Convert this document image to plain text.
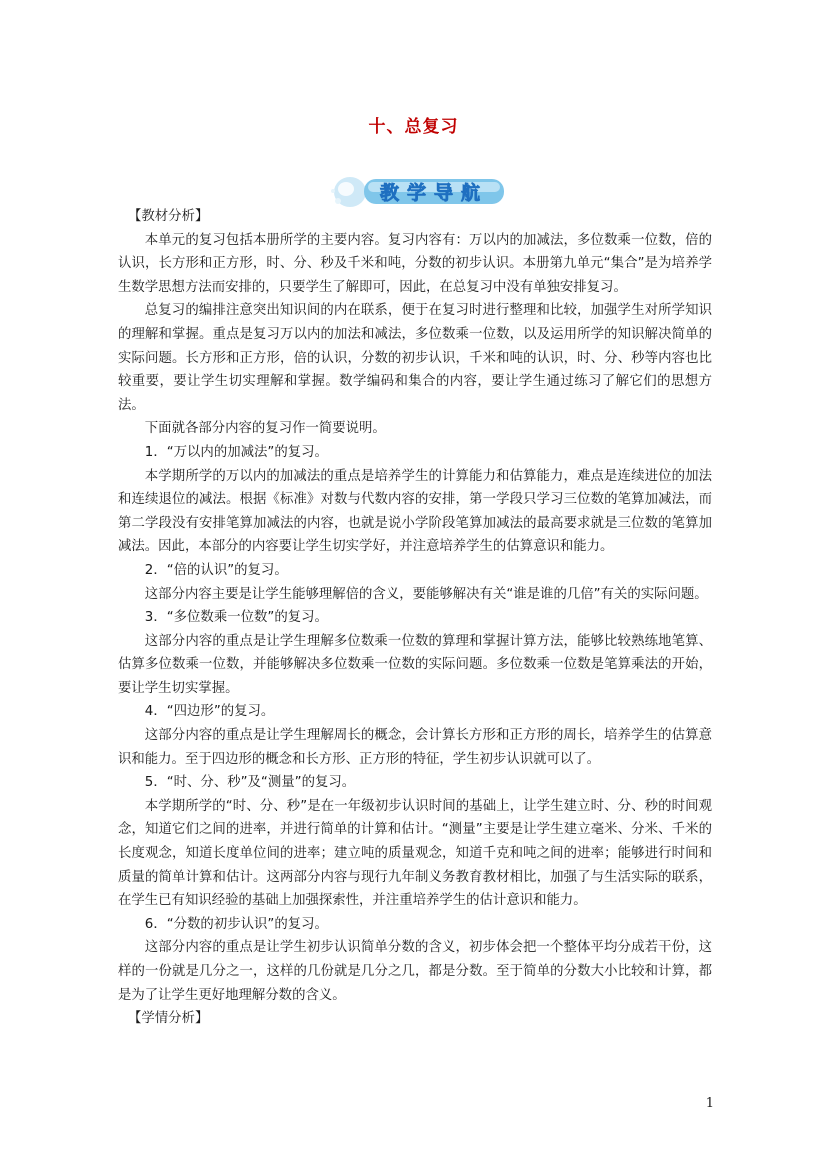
十、总复习
教 学 导 航

【教材分析】

本单元的复习包括本册所学的主要内容。复习内容有：万以内的加减法，多位数乘一位数，倍的认识，长方形和正方形，时、分、秒及千米和吨，分数的初步认识。本册第九单元“集合”是为培养学生数学思想方法而安排的，只要学生了解即可，因此，在总复习中没有单独安排复习。

总复习的编排注意突出知识间的内在联系，便于在复习时进行整理和比较，加强学生对所学知识的理解和掌握。重点是复习万以内的加法和减法，多位数乘一位数，以及运用所学的知识解决简单的实际问题。长方形和正方形，倍的认识，分数的初步认识，千米和吨的认识，时、分、秒等内容也比较重要，要让学生切实理解和掌握。数学编码和集合的内容，要让学生通过练习了解它们的思想方法。

下面就各部分内容的复习作一简要说明。

1．“万以内的加减法”的复习。

本学期所学的万以内的加减法的重点是培养学生的计算能力和估算能力，难点是连续进位的加法和连续退位的减法。根据《标准》对数与代数内容的安排，第一学段只学习三位数的笔算加减法，而第二学段没有安排笔算加减法的内容，也就是说小学阶段笔算加减法的最高要求就是三位数的笔算加减法。因此，本部分的内容要让学生切实学好，并注意培养学生的估算意识和能力。

2．“倍的认识”的复习。

这部分内容主要是让学生能够理解倍的含义，要能够解决有关“谁是谁的几倍”有关的实际问题。

3．“多位数乘一位数”的复习。

这部分内容的重点是让学生理解多位数乘一位数的算理和掌握计算方法，能够比较熟练地笔算、估算多位数乘一位数，并能够解决多位数乘一位数的实际问题。多位数乘一位数是笔算乘法的开始，要让学生切实掌握。

4．“四边形”的复习。

这部分内容的重点是让学生理解周长的概念，会计算长方形和正方形的周长，培养学生的估算意识和能力。至于四边形的概念和长方形、正方形的特征，学生初步认识就可以了。

5．“时、分、秒”及“测量”的复习。

本学期所学的“时、分、秒”是在一年级初步认识时间的基础上，让学生建立时、分、秒的时间观念，知道它们之间的进率，并进行简单的计算和估计。“测量”主要是让学生建立毫米、分米、千米的长度观念，知道长度单位间的进率；建立吨的质量观念，知道千克和吨之间的进率；能够进行时间和质量的简单计算和估计。这两部分内容与现行九年制义务教育教材相比，加强了与生活实际的联系，在学生已有知识经验的基础上加强探索性，并注重培养学生的估计意识和能力。

6．“分数的初步认识”的复习。

这部分内容的重点是让学生初步认识简单分数的含义，初步体会把一个整体平均分成若干份，这样的一份就是几分之一，这样的几份就是几分之几，都是分数。至于简单的分数大小比较和计算，都是为了让学生更好地理解分数的含义。

【学情分析】

1
